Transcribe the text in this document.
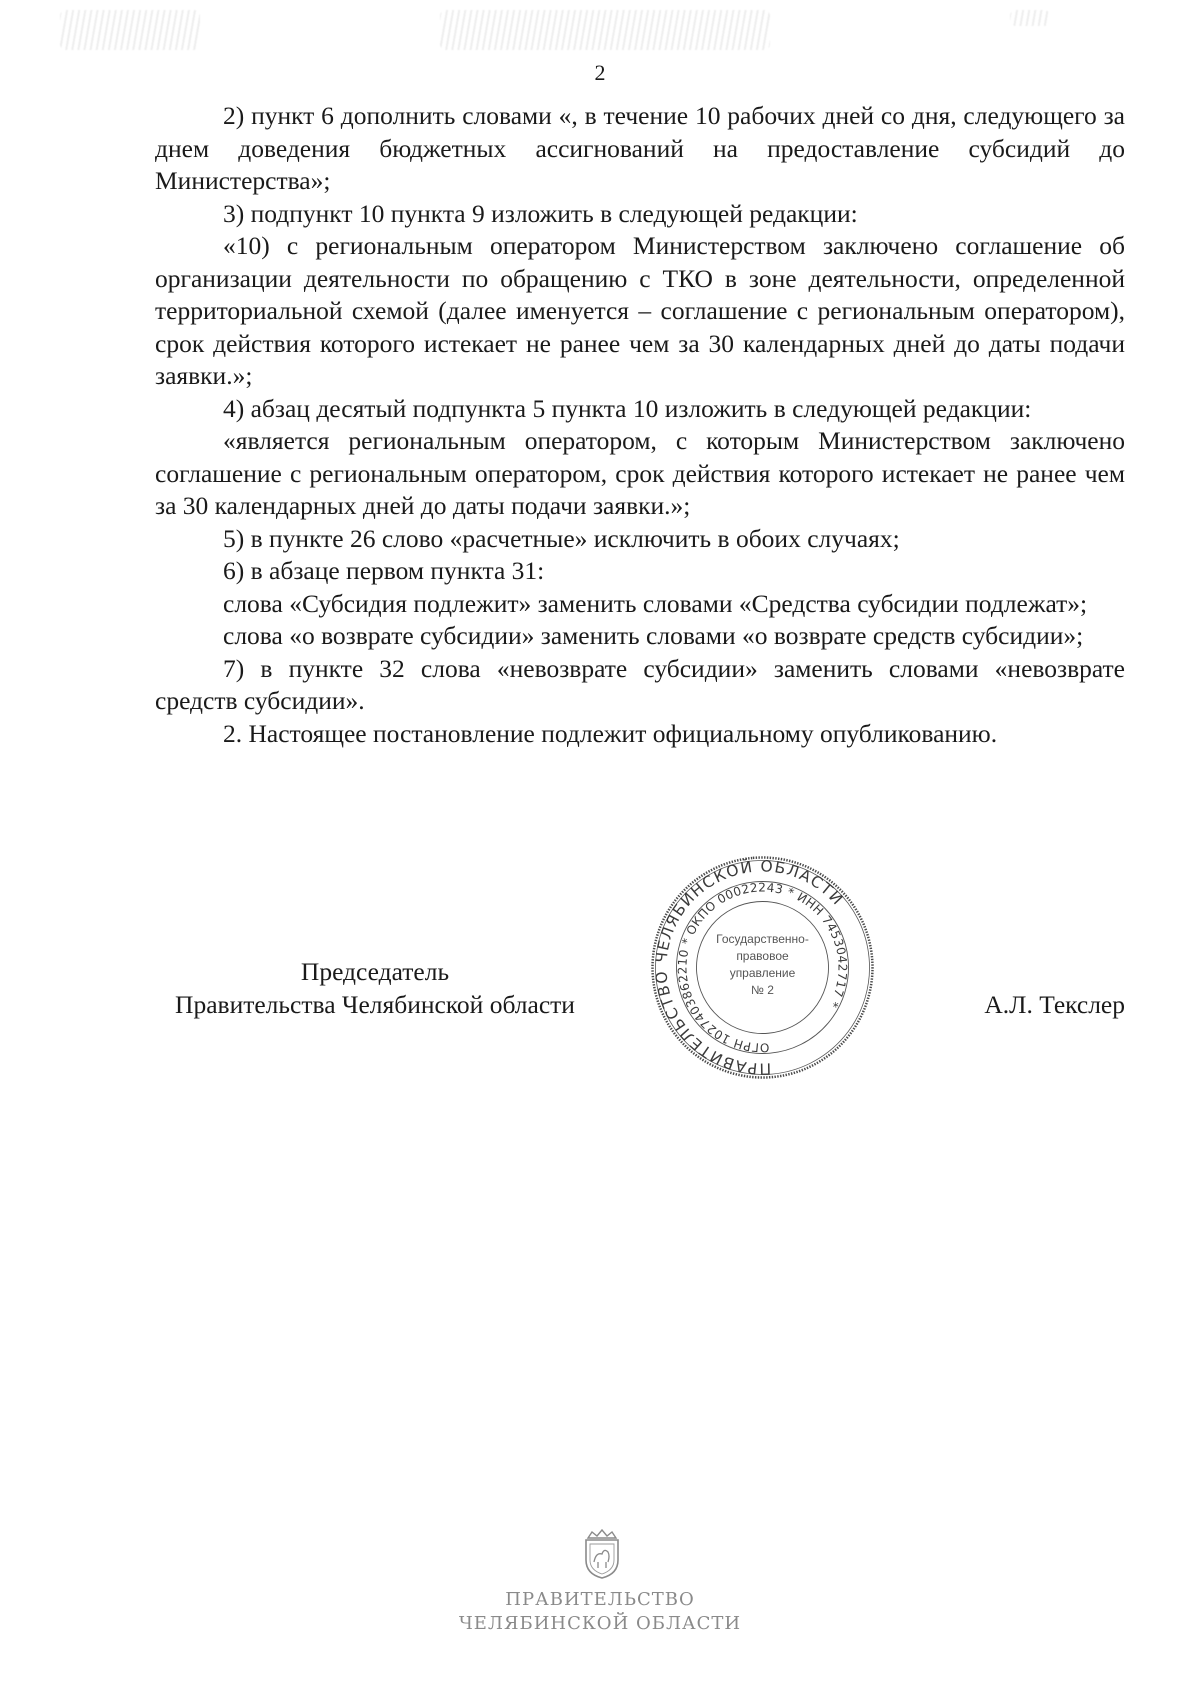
2

2) пункт 6 дополнить словами «, в течение 10 рабочих дней со дня, следующего за днем доведения бюджетных ассигнований на предоставление субсидий до Министерства»;

3) подпункт 10 пункта 9 изложить в следующей редакции:

«10) с региональным оператором Министерством заключено соглашение об организации деятельности по обращению с ТКО в зоне деятельности, определенной территориальной схемой (далее именуется – соглашение с региональным оператором), срок действия которого истекает не ранее чем за 30 календарных дней до даты подачи заявки.»;

4) абзац десятый подпункта 5 пункта 10 изложить в следующей редакции:

«является региональным оператором, с которым Министерством заключено соглашение с региональным оператором, срок действия которого истекает не ранее чем за 30 календарных дней до даты подачи заявки.»;

5) в пункте 26 слово «расчетные» исключить в обоих случаях;

6) в абзаце первом пункта 31:

слова «Субсидия подлежит» заменить словами «Средства субсидии подлежат»;

слова «о возврате субсидии» заменить словами «о возврате средств субсидии»;

7) в пункте 32 слова «невозврате субсидии» заменить словами «невозврате средств субсидии».

2. Настоящее постановление подлежит официальному опубликованию.

Председатель
Правительства Челябинской области	А.Л. Текслер
ПРАВИТЕЛЬСТВО ЧЕЛЯБИНСКОЙ ОБЛАСТИ
ОГРН 1027403862210 * ОКПО 00022243 * ИНН 7453042717 *
Государственно-
правовое
управление
№ 2
ПРАВИТЕЛЬСТВО
ЧЕЛЯБИНСКОЙ ОБЛАСТИ
